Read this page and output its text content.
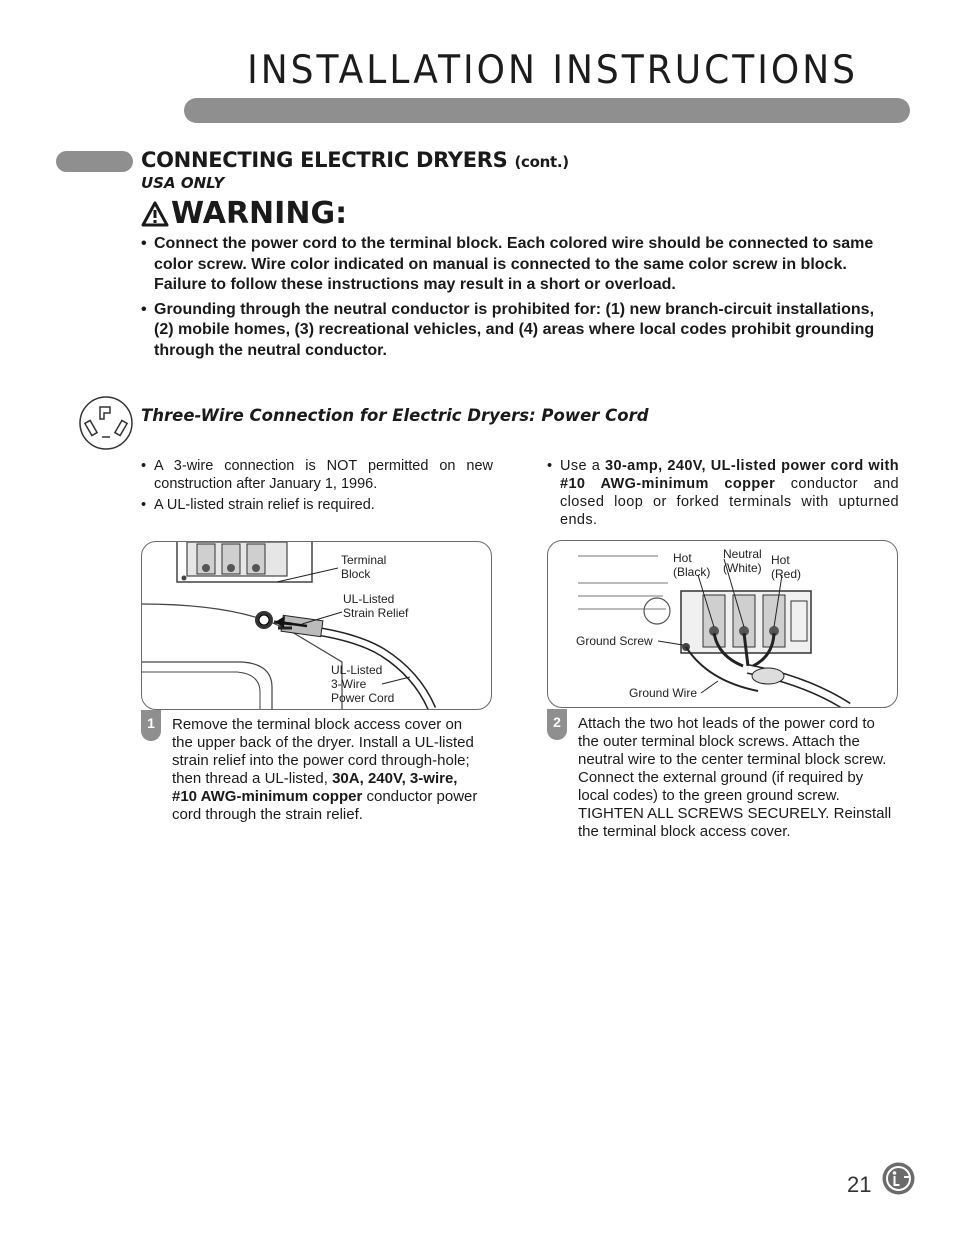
INSTALLATION INSTRUCTIONS
CONNECTING ELECTRIC DRYERS (cont.)
USA ONLY
WARNING:
• Connect the power cord to the terminal block. Each colored wire should be connected to same color screw. Wire color indicated on manual is connected to the same color screw in block. Failure to follow these instructions may result in a short or overload.
• Grounding through the neutral conductor is prohibited for: (1) new branch-circuit installations, (2) mobile homes, (3) recreational vehicles, and (4) areas where local codes prohibit grounding through the neutral conductor.
Three-Wire Connection for Electric Dryers: Power Cord
• A 3-wire connection is NOT permitted on new construction after January 1, 1996.
• A UL-listed strain relief is required.
• Use a 30-amp, 240V, UL-listed power cord with #10 AWG-minimum copper conductor and closed loop or forked terminals with upturned ends.
Terminal
Block
UL-Listed
Strain Relief
UL-Listed
3-Wire
Power Cord
Hot
(Black)
Neutral
(White)
Hot
(Red)
Ground Screw
Ground Wire
1	Remove the terminal block access cover on the upper back of the dryer. Install a UL-listed strain relief into the power cord through-hole; then thread a UL-listed, 30A, 240V, 3-wire, #10 AWG-minimum copper conductor power cord through the strain relief.
2	Attach the two hot leads of the power cord to the outer terminal block screws. Attach the neutral wire to the center terminal block screw. Connect the external ground (if required by local codes) to the green ground screw. TIGHTEN ALL SCREWS SECURELY. Reinstall the terminal block access cover.
21
